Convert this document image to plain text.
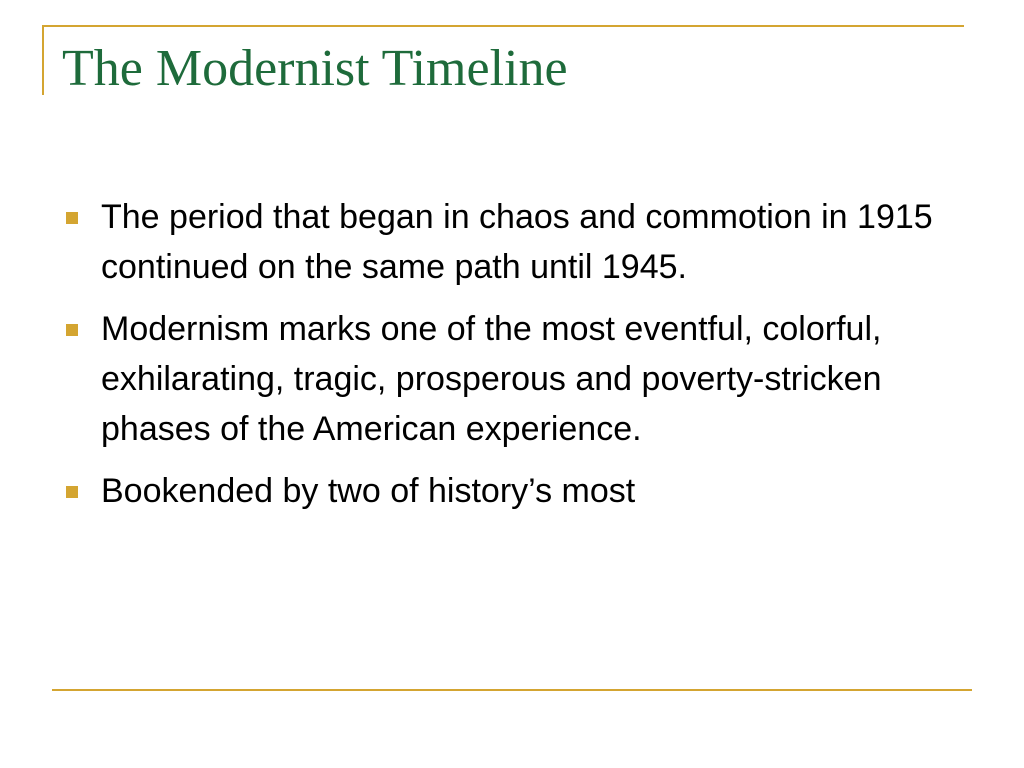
The Modernist Timeline
The period that began in chaos and commotion in 1915 continued on the same path until 1945.
Modernism marks one of the most eventful, colorful, exhilarating, tragic, prosperous and poverty-stricken phases of the American experience.
Bookended by two of history’s most
